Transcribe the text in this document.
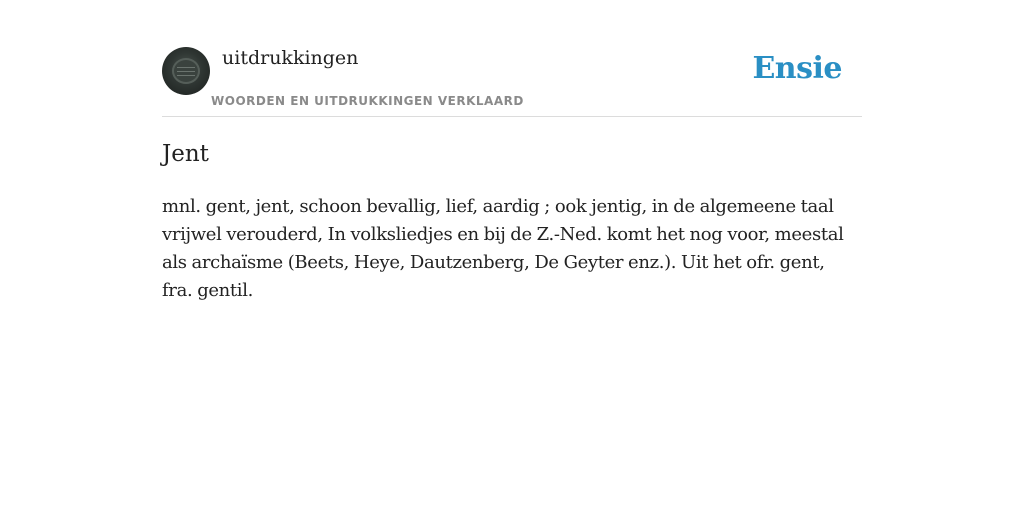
uitdrukkingen
WOORDEN EN UITDRUKKINGEN VERKLAARD
Ensie
Jent

mnl. gent, jent, schoon bevallig, lief, aardig ; ook jentig, in de algemeene taal vrijwel verouderd, In volksliedjes en bij de Z.-Ned. komt het nog voor, meestal als archaïsme (Beets, Heye, Dautzenberg, De Geyter enz.). Uit het ofr. gent, fra. gentil.
